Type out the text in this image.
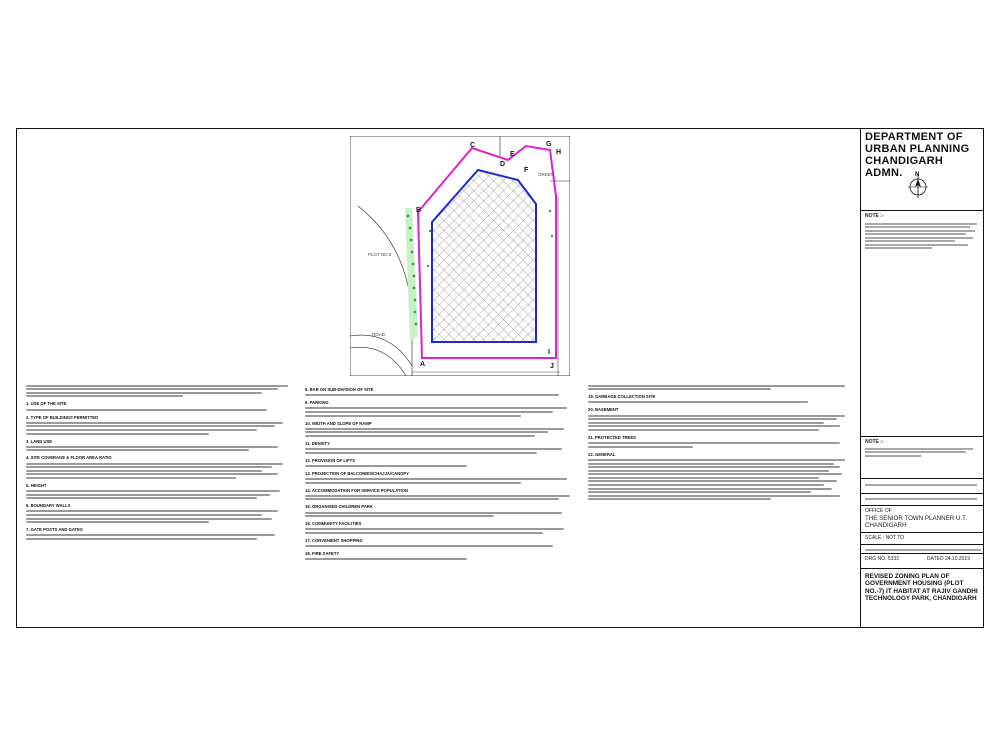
A
B
C
D
E
F
G
H
I
J
PLOT NO.6
ROAD
GREEN
1. USE OF THE SITE
2. TYPE OF BUILDINGS PERMITTED
3. LAND USE
4. SITE COVERAGE & FLOOR AREA RATIO
5. HEIGHT
6. BOUNDARY WALLS
7. GATE POSTS AND GATES
8. BAR ON SUB-DIVISION OF SITE
9. PARKING
10. WIDTH AND SLOPE OF RAMP
11. DENSITY
12. PROVISION OF LIFTS
13. PROJECTION OF BALCONIES/CHAJJA/CANOPY
14. ACCOMMODATION FOR SERVICE POPULATION
15. ORGANISED CHILDREN PARK
16. COMMUNITY FACILITIES
17. CONVENIENT SHOPPING
18. FIRE SAFETY
19. GARBAGE COLLECTION SITE
20. BASEMENT
21. PROTECTED TREES
22. GENERAL
DEPARTMENT OF URBAN PLANNING CHANDIGARH ADMN.	N
NOTE :-
NOTE :-
OFFICE OF
THE SENIOR TOWN PLANNER U.T. CHANDIGARH
SCALE : NOT TO
DRG NO. 5333	DATED 24.10.2019
REVISED ZONING PLAN OF GOVERNMENT HOUSING (PLOT NO.-7) IT HABITAT AT RAJIV GANDHI TECHNOLOGY PARK, CHANDIGARH
